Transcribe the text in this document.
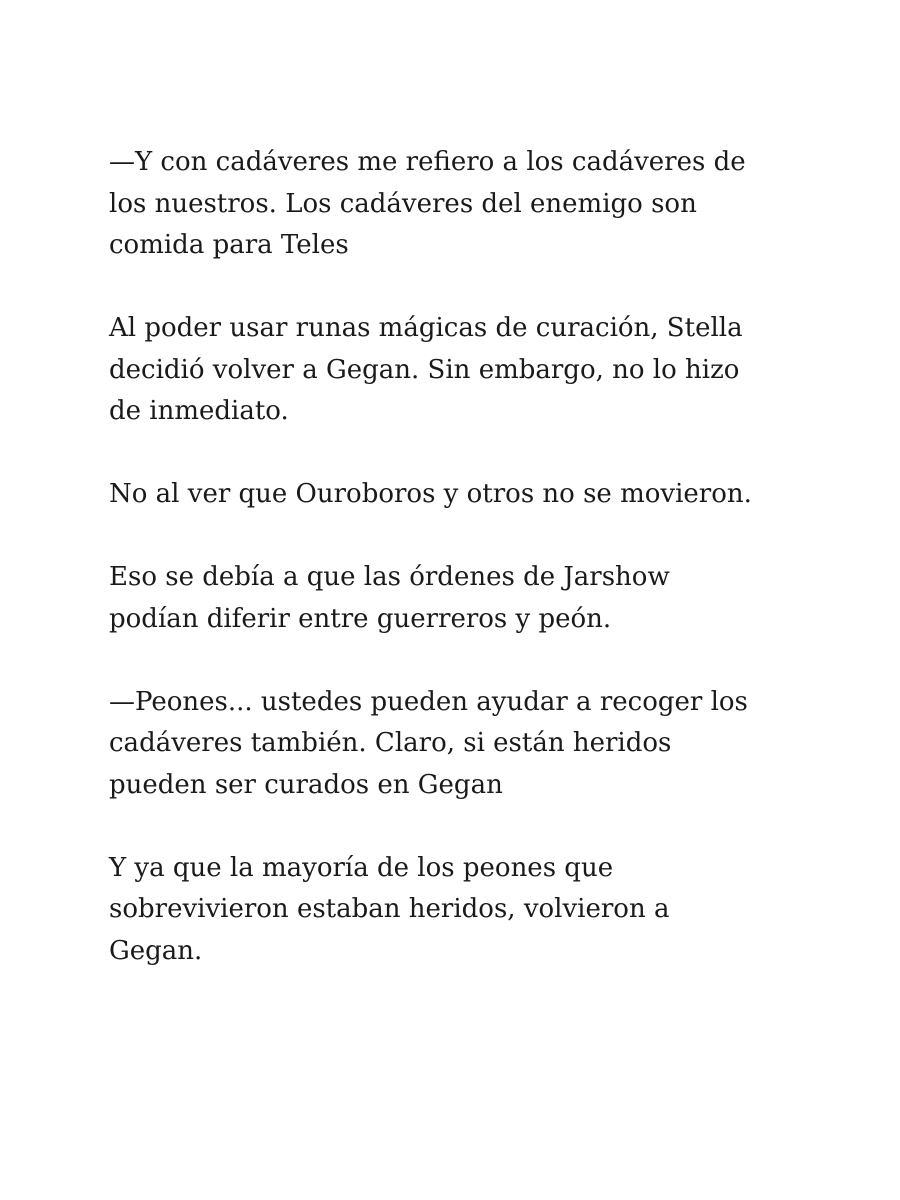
—Y con cadáveres me refiero a los cadáveres de
los nuestros. Los cadáveres del enemigo son
comida para Teles

Al poder usar runas mágicas de curación, Stella
decidió volver a Gegan. Sin embargo, no lo hizo
de inmediato.

No al ver que Ouroboros y otros no se movieron.

Eso se debía a que las órdenes de Jarshow
podían diferir entre guerreros y peón.

—Peones... ustedes pueden ayudar a recoger los
cadáveres también. Claro, si están heridos
pueden ser curados en Gegan

Y ya que la mayoría de los peones que
sobrevivieron estaban heridos, volvieron a
Gegan.
